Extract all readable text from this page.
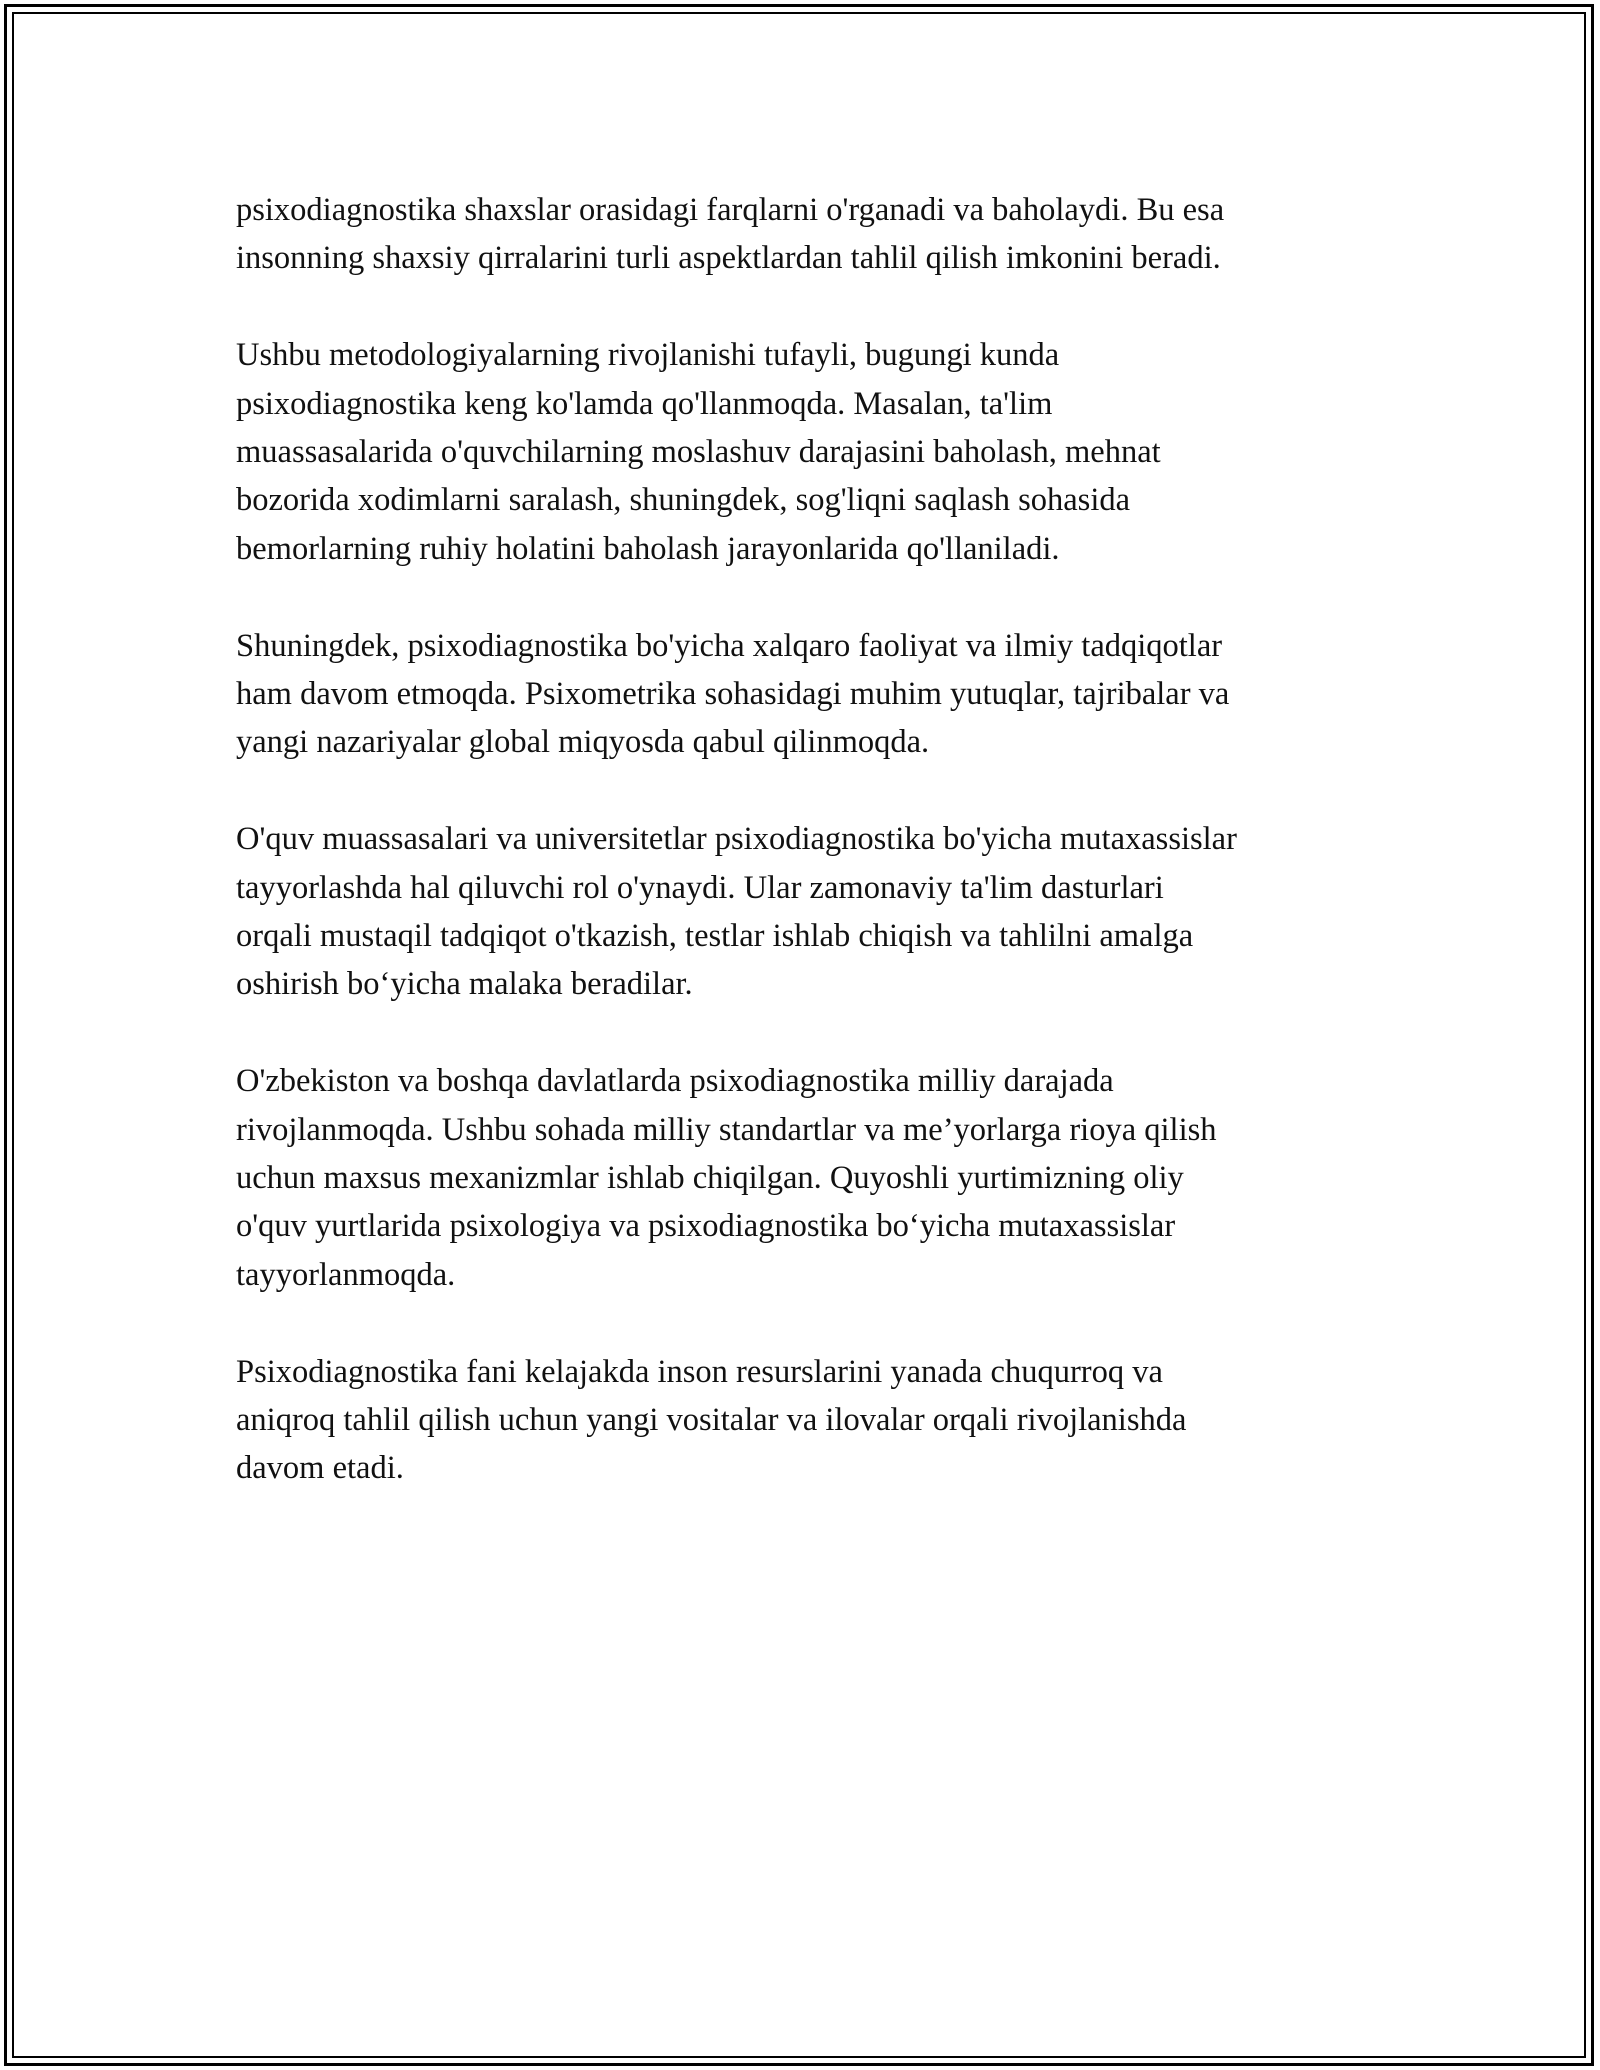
psixodiagnostika shaxslar orasidagi farqlarni o'rganadi va baholaydi. Bu esa
insonning shaxsiy qirralarini turli aspektlardan tahlil qilish imkonini beradi.

Ushbu metodologiyalarning rivojlanishi tufayli, bugungi kunda
psixodiagnostika keng ko'lamda qo'llanmoqda. Masalan, ta'lim
muassasalarida o'quvchilarning moslashuv darajasini baholash, mehnat
bozorida xodimlarni saralash, shuningdek, sog'liqni saqlash sohasida
bemorlarning ruhiy holatini baholash jarayonlarida qo'llaniladi.

Shuningdek, psixodiagnostika bo'yicha xalqaro faoliyat va ilmiy tadqiqotlar
ham davom etmoqda. Psixometrika sohasidagi muhim yutuqlar, tajribalar va
yangi nazariyalar global miqyosda qabul qilinmoqda.

O'quv muassasalari va universitetlar psixodiagnostika bo'yicha mutaxassislar
tayyorlashda hal qiluvchi rol o'ynaydi. Ular zamonaviy ta'lim dasturlari
orqali mustaqil tadqiqot o'tkazish, testlar ishlab chiqish va tahlilni amalga
oshirish bo‘yicha malaka beradilar.

O'zbekiston va boshqa davlatlarda psixodiagnostika milliy darajada
rivojlanmoqda. Ushbu sohada milliy standartlar va me’yorlarga rioya qilish
uchun maxsus mexanizmlar ishlab chiqilgan. Quyoshli yurtimizning oliy
o'quv yurtlarida psixologiya va psixodiagnostika bo‘yicha mutaxassislar
tayyorlanmoqda.

Psixodiagnostika fani kelajakda inson resurslarini yanada chuqurroq va
aniqroq tahlil qilish uchun yangi vositalar va ilovalar orqali rivojlanishda
davom etadi.
